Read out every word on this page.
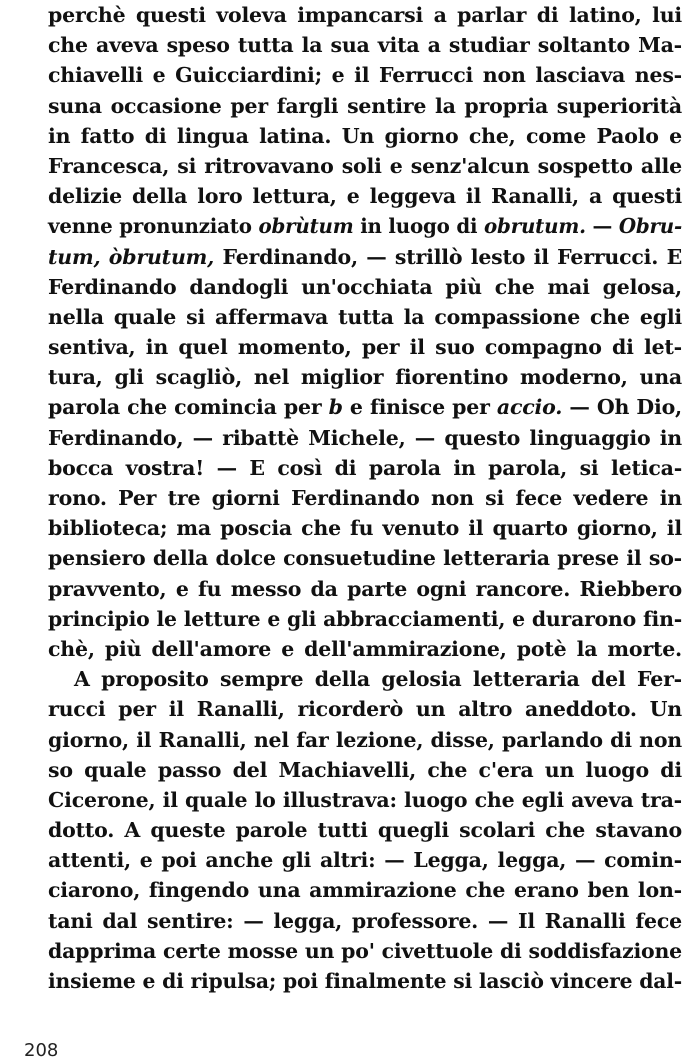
perchè questi voleva impancarsi a parlar di latino, lui
che aveva speso tutta la sua vita a studiar soltanto Ma-
chiavelli e Guicciardini; e il Ferrucci non lasciava nes-
suna occasione per fargli sentire la propria superiorità
in fatto di lingua latina. Un giorno che, come Paolo e
Francesca, si ritrovavano soli e senz'alcun sospetto alle
delizie della loro lettura, e leggeva il Ranalli, a questi
venne pronunziato obrùtum in luogo di obrutum. — Obru-
tum, òbrutum, Ferdinando, — strillò lesto il Ferrucci. E
Ferdinando dandogli un'occhiata più che mai gelosa,
nella quale si affermava tutta la compassione che egli
sentiva, in quel momento, per il suo compagno di let-
tura, gli scagliò, nel miglior fiorentino moderno, una
parola che comincia per b e finisce per accio. — Oh Dio,
Ferdinando, — ribattè Michele, — questo linguaggio in
bocca vostra! — E così di parola in parola, si letica-
rono. Per tre giorni Ferdinando non si fece vedere in
biblioteca; ma poscia che fu venuto il quarto giorno, il
pensiero della dolce consuetudine letteraria prese il so-
pravvento, e fu messo da parte ogni rancore. Riebbero
principio le letture e gli abbracciamenti, e durarono fin-
chè, più dell'amore e dell'ammirazione, potè la morte.
A proposito sempre della gelosia letteraria del Fer-
rucci per il Ranalli, ricorderò un altro aneddoto. Un
giorno, il Ranalli, nel far lezione, disse, parlando di non
so quale passo del Machiavelli, che c'era un luogo di
Cicerone, il quale lo illustrava: luogo che egli aveva tra-
dotto. A queste parole tutti quegli scolari che stavano
attenti, e poi anche gli altri: — Legga, legga, — comin-
ciarono, fingendo una ammirazione che erano ben lon-
tani dal sentire: — legga, professore. — Il Ranalli fece
dapprima certe mosse un po' civettuole di soddisfazione
insieme e di ripulsa; poi finalmente si lasciò vincere dal-
208
